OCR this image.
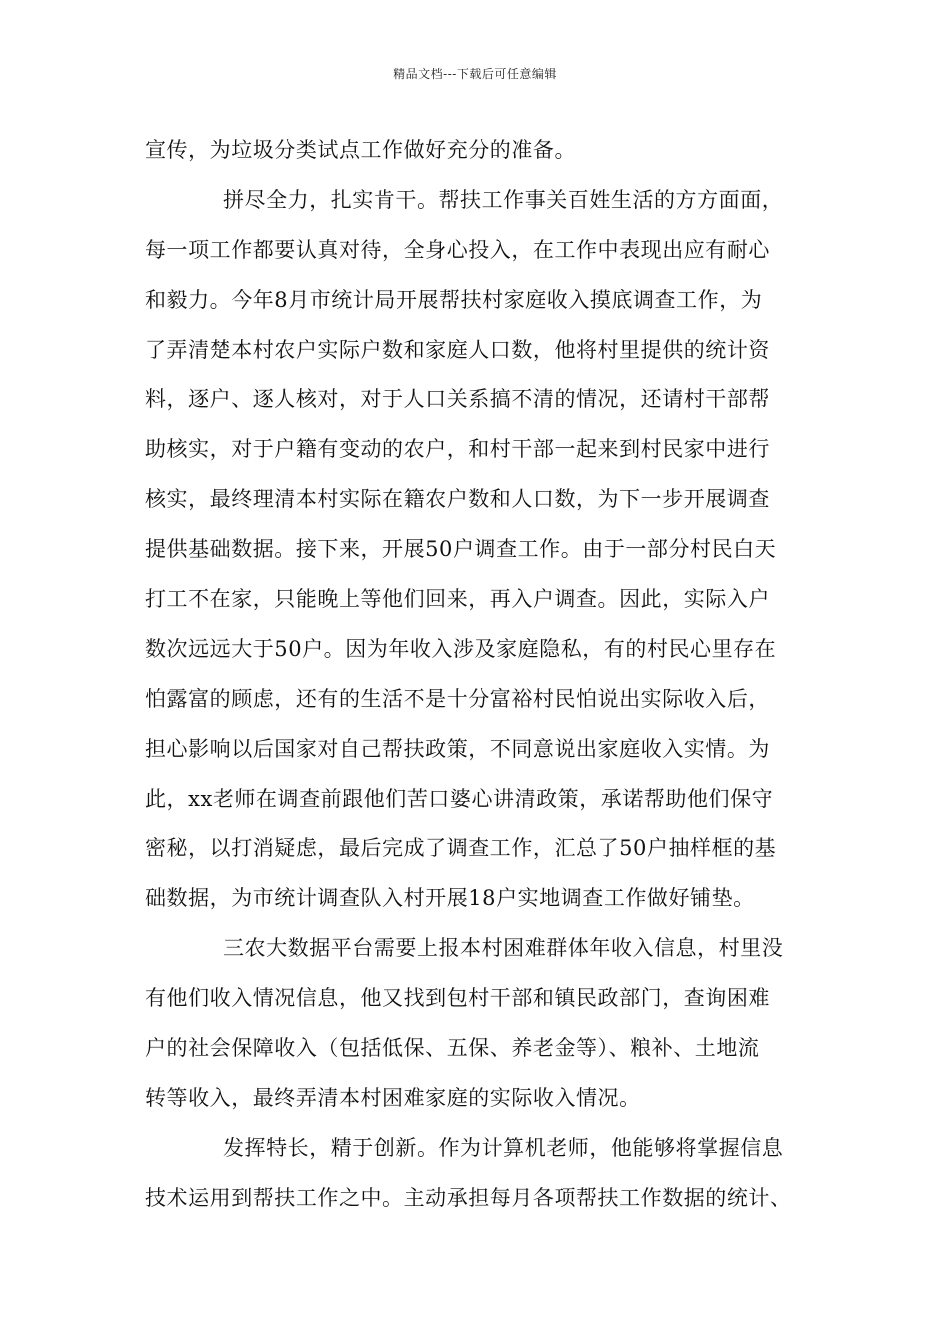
精品文档---下载后可任意编辑
宣传，为垃圾分类试点工作做好充分的准备。
拼尽全力，扎实肯干。帮扶工作事关百姓生活的方方面面，
每一项工作都要认真对待，全身心投入，在工作中表现出应有耐心
和毅力。今年8月市统计局开展帮扶村家庭收入摸底调查工作，为
了弄清楚本村农户实际户数和家庭人口数，他将村里提供的统计资
料，逐户、逐人核对，对于人口关系搞不清的情况，还请村干部帮
助核实，对于户籍有变动的农户，和村干部一起来到村民家中进行
核实，最终理清本村实际在籍农户数和人口数，为下一步开展调查
提供基础数据。接下来，开展50户调查工作。由于一部分村民白天
打工不在家，只能晚上等他们回来，再入户调查。因此，实际入户
数次远远大于50户。因为年收入涉及家庭隐私，有的村民心里存在
怕露富的顾虑，还有的生活不是十分富裕村民怕说出实际收入后，
担心影响以后国家对自己帮扶政策，不同意说出家庭收入实情。为
此，xx老师在调查前跟他们苦口婆心讲清政策，承诺帮助他们保守
密秘，以打消疑虑，最后完成了调查工作，汇总了50户抽样框的基
础数据，为市统计调查队入村开展18户实地调查工作做好铺垫。
三农大数据平台需要上报本村困难群体年收入信息，村里没
有他们收入情况信息，他又找到包村干部和镇民政部门，查询困难
户的社会保障收入（包括低保、五保、养老金等）、粮补、土地流
转等收入，最终弄清本村困难家庭的实际收入情况。
发挥特长，精于创新。作为计算机老师，他能够将掌握信息
技术运用到帮扶工作之中。主动承担每月各项帮扶工作数据的统计、
